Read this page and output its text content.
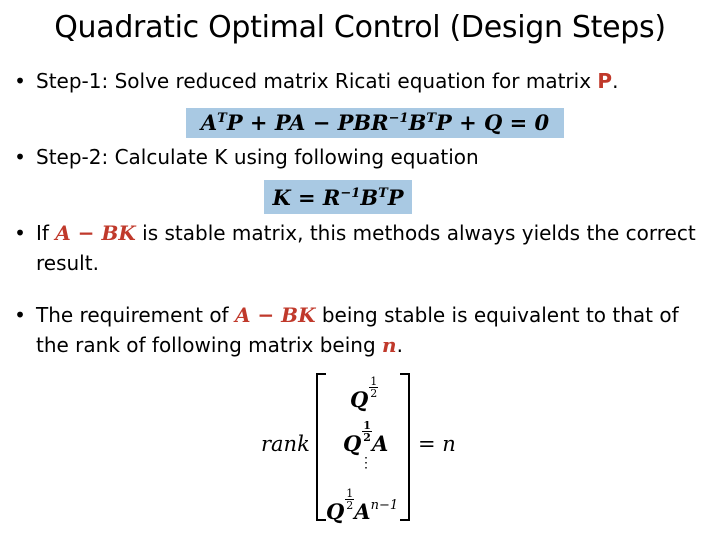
Quadratic Optimal Control (Design Steps)
• Step-1: Solve reduced matrix Ricati equation for matrix P.
$A^TP$ + PA − $PBR^{-1}B^TP + Q = 0$
• Step-2: Calculate K using following equation
$K = R^{-1}B^TP$
• If A − BK is stable matrix, this methods always yields the correct
result.
• The requirement of A − BK being stable is equivalent to that of
the rank of following matrix being n.
rank
Q $\frac{1}{2}$
Q $\frac{1}{2}$ A
⋮
Q $\frac{1}{2} A^{n-1}$
= n
